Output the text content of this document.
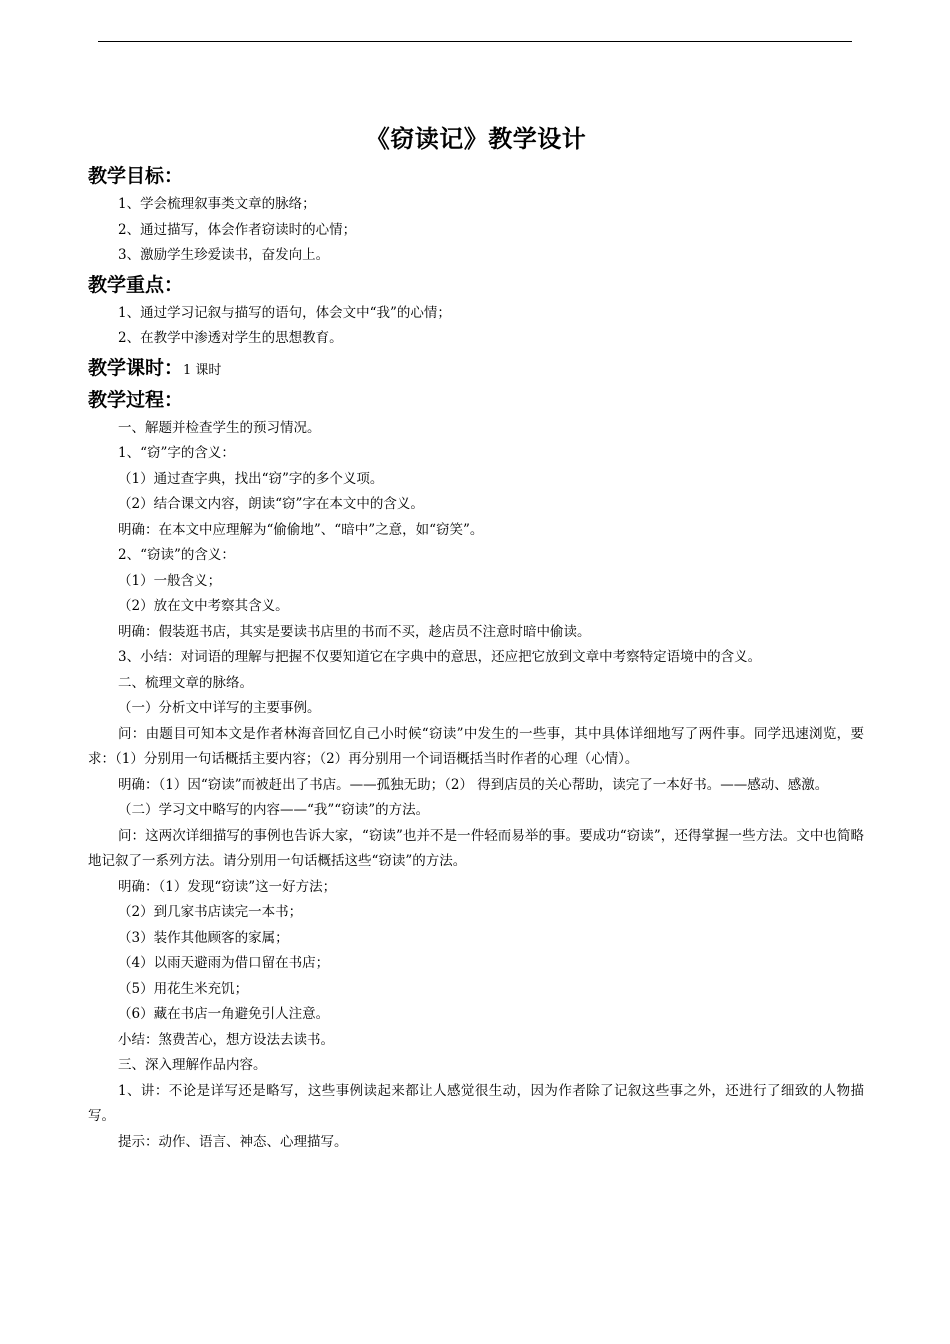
《窃读记》教学设计
教学目标：
1、学会梳理叙事类文章的脉络；
2、通过描写，体会作者窃读时的心情；
3、激励学生珍爱读书，奋发向上。
教学重点：
1、通过学习记叙与描写的语句，体会文中“我”的心情；
2、在教学中渗透对学生的思想教育。
教学课时：1 课时
教学过程：
一、解题并检查学生的预习情况。
1、“窃”字的含义：
（1）通过查字典，找出“窃”字的多个义项。
（2）结合课文内容，朗读“窃”字在本文中的含义。
明确：在本文中应理解为“偷偷地”、“暗中”之意，如“窃笑”。
2、“窃读”的含义：
（1）一般含义；
（2）放在文中考察其含义。
明确：假装逛书店，其实是要读书店里的书而不买，趁店员不注意时暗中偷读。
3、小结：对词语的理解与把握不仅要知道它在字典中的意思，还应把它放到文章中考察特定语境中的含义。
二、梳理文章的脉络。
（一）分析文中详写的主要事例。
问：由题目可知本文是作者林海音回忆自己小时候“窃读”中发生的一些事，其中具体详细地写了两件事。同学迅速浏览，要求：（1）分别用一句话概括主要内容；（2）再分别用一个词语概括当时作者的心理（心情）。
明确：（1）因“窃读”而被赶出了书店。——孤独无助；（2） 得到店员的关心帮助，读完了一本好书。——感动、感激。
（二）学习文中略写的内容——“我”“窃读”的方法。
问：这两次详细描写的事例也告诉大家，“窃读”也并不是一件轻而易举的事。要成功“窃读”，还得掌握一些方法。文中也简略地记叙了一系列方法。请分别用一句话概括这些“窃读”的方法。
明确：（1）发现“窃读”这一好方法；
（2）到几家书店读完一本书；
（3）装作其他顾客的家属；
（4）以雨天避雨为借口留在书店；
（5）用花生米充饥；
（6）藏在书店一角避免引人注意。
小结：煞费苦心，想方设法去读书。
三、深入理解作品内容。
1、讲：不论是详写还是略写，这些事例读起来都让人感觉很生动，因为作者除了记叙这些事之外，还进行了细致的人物描写。
提示：动作、语言、神态、心理描写。
